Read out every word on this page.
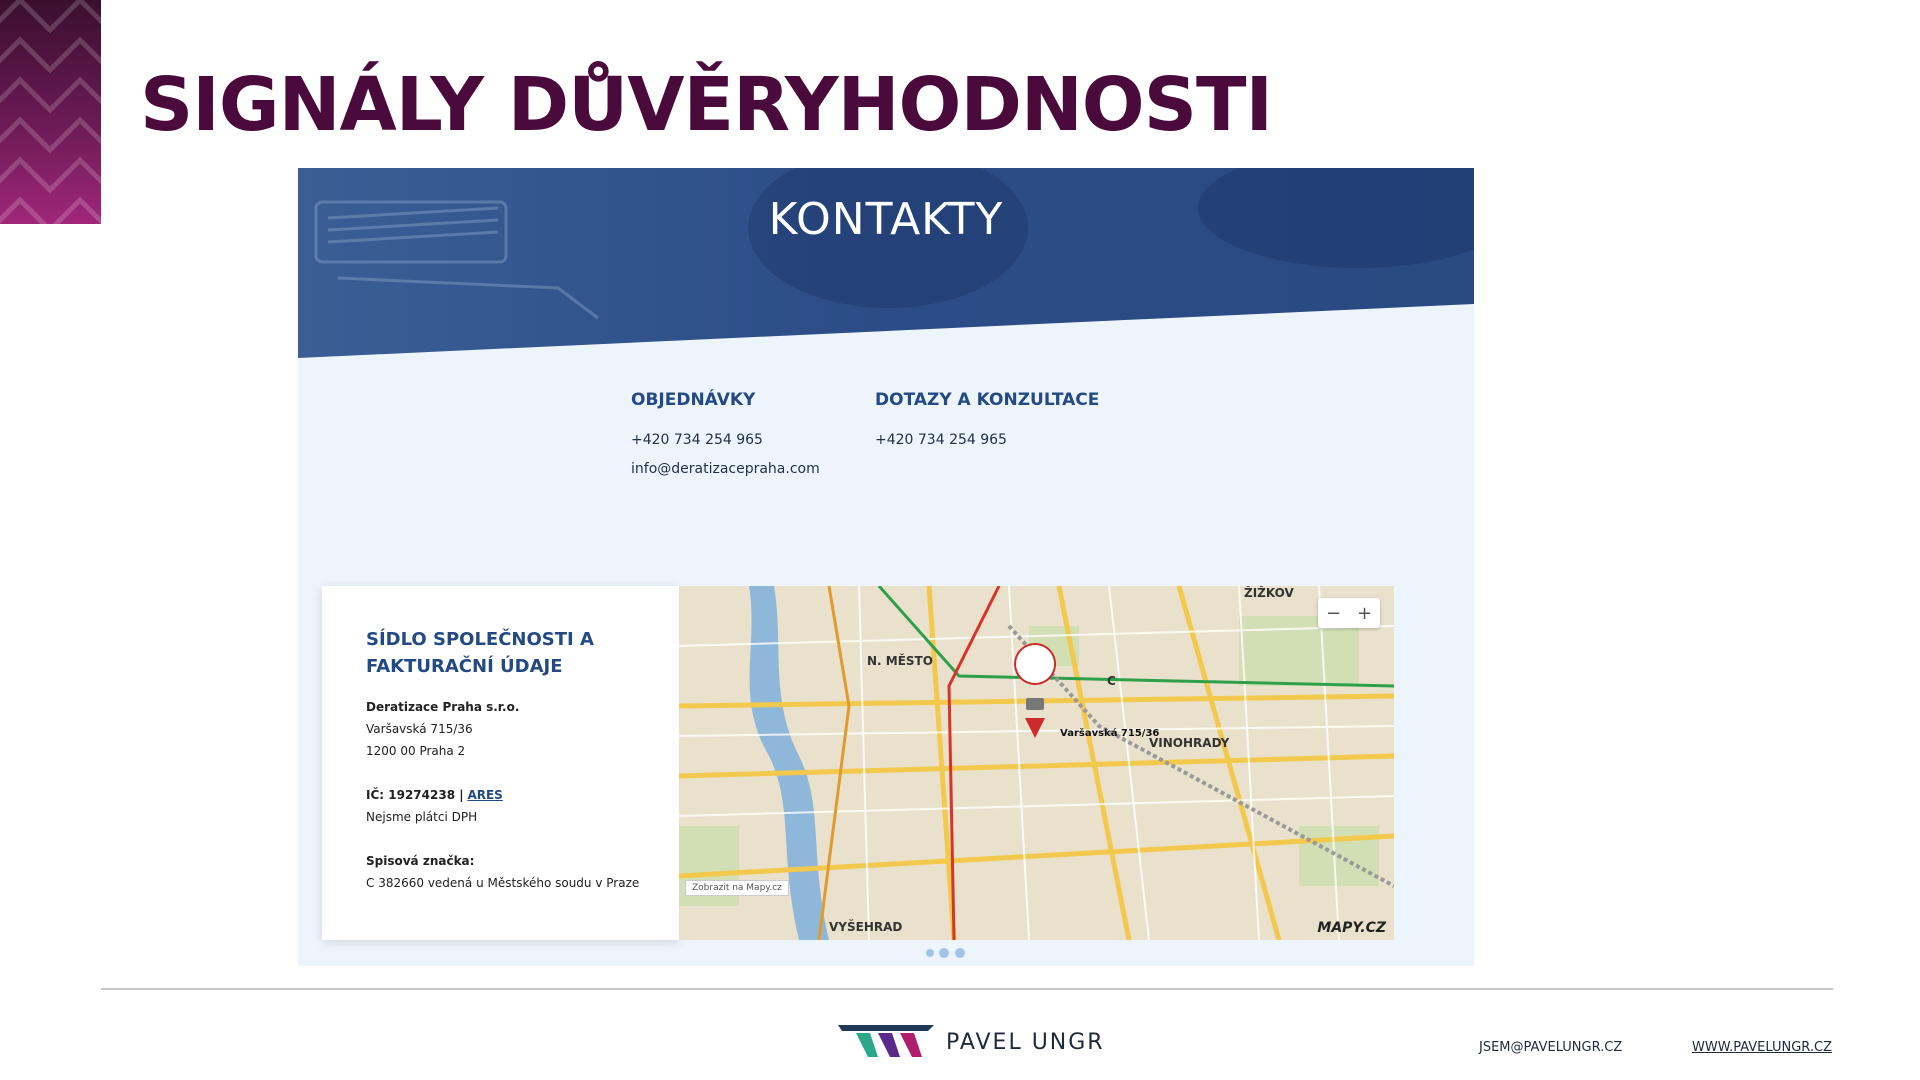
SIGNÁLY DŮVĚRYHODNOSTI
KONTAKTY
OBJEDNÁVKY
+420 734 254 965
info@deratizacepraha.com
DOTAZY A KONZULTACE
+420 734 254 965
SÍDLO SPOLEČNOSTI A FAKTURAČNÍ ÚDAJE
Deratizace Praha s.r.o.
Varšavská 715/36
1200 00 Praha 2
IČ: 19274238 | ARES
Nejsme plátci DPH
Spisová značka:
C 382660 vedená u Městského soudu v Praze
ŽIŽKOV
N. MĚSTO
VINOHRADY
VYŠEHRAD
C
Varšavská 715/36
− +
Zobrazit na Mapy.cz
MAPY.CZ
PAVEL UNGR	JSEM@PAVELUNGR.CZ	WWW.PAVELUNGR.CZ
